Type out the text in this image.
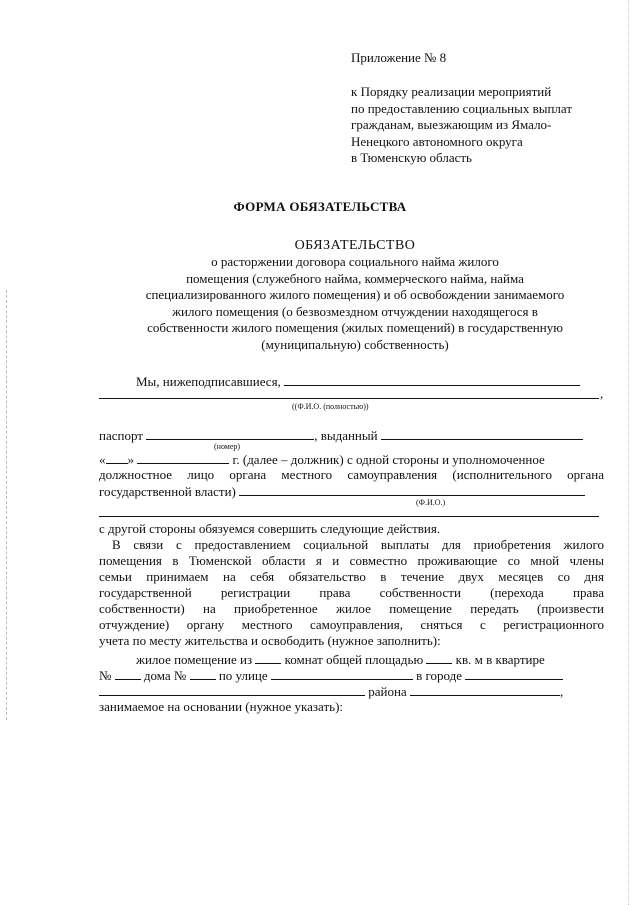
Приложение № 8
к Порядку реализации мероприятий
по предоставлению социальных выплат
гражданам, выезжающим из Ямало-
Ненецкого автономного округа
в Тюменскую область
ФОРМА ОБЯЗАТЕЛЬСТВА
ОБЯЗАТЕЛЬСТВО
о расторжении договора социального найма жилого
помещения (служебного найма, коммерческого найма, найма
специализированного жилого помещения) и об освобождении занимаемого
жилого помещения (о безвозмездном отчуждении находящегося в
собственности жилого помещения (жилых помещений) в государственную
(муниципальную) собственность)
Мы, нижеподписавшиеся,
,
((Ф.И.О. (полностью))
паспорт	, выданный
(номер)
« »	г. (далее – должник) с одной стороны и уполномоченное
должностное лицо органа местного самоуправления (исполнительного органа
государственной власти)
(Ф.И.О.)
с другой стороны обязуемся совершить следующие действия.
В связи с предоставлением социальной выплаты для приобретения жилого
помещения в Тюменской области я и совместно проживающие со мной члены
семьи принимаем на себя обязательство в течение двух месяцев со дня
государственной регистрации права собственности (перехода права
собственности) на приобретенное жилое помещение передать (произвести
отчуждение) органу местного самоуправления, сняться с регистрационного
учета по месту жительства и освободить (нужное заполнить):
жилое помещение из	комнат общей площадью	кв. м в квартире
№	дома №	по улице	в городе
района	,
занимаемое на основании (нужное указать):
